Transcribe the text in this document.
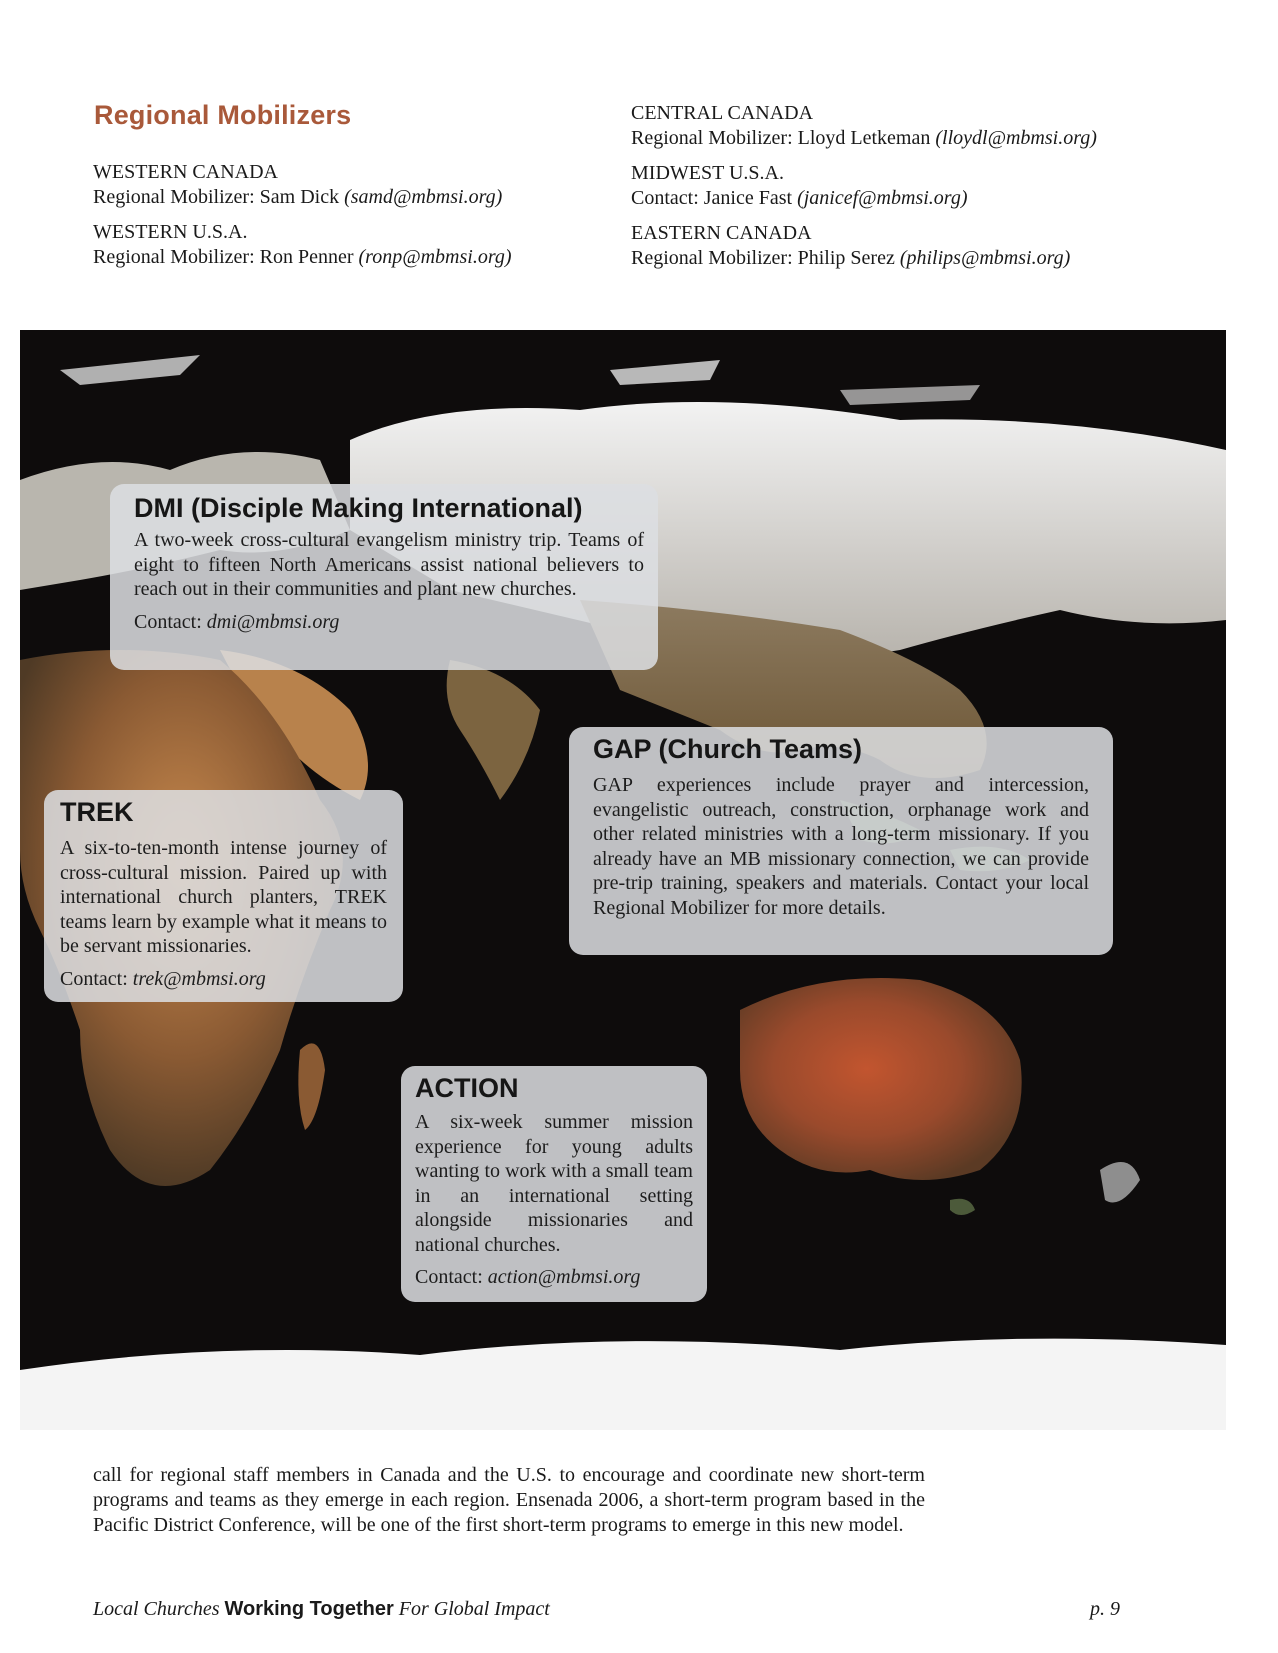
Regional Mobilizers
WESTERN CANADA
Regional Mobilizer: Sam Dick (samd@mbmsi.org)
WESTERN U.S.A.
Regional Mobilizer: Ron Penner (ronp@mbmsi.org)
CENTRAL CANADA
Regional Mobilizer: Lloyd Letkeman (lloydl@mbmsi.org)
MIDWEST U.S.A.
Contact: Janice Fast (janicef@mbmsi.org)
EASTERN CANADA
Regional Mobilizer: Philip Serez (philips@mbmsi.org)
DMI (Disciple Making International)

A two-week cross-cultural evangelism ministry trip. Teams of eight to fifteen North Americans assist national believers to reach out in their communities and plant new churches.

Contact: dmi@mbmsi.org
GAP (Church Teams)

GAP experiences include prayer and intercession, evangelistic outreach, construction, orphanage work and other related ministries with a long-term missionary. If you already have an MB missionary connection, we can provide pre-trip training, speakers and materials. Contact your local Regional Mobilizer for more details.

TREK

A six-to-ten-month intense journey of cross-cultural mission. Paired up with international church planters, TREK teams learn by example what it means to be servant missionaries.

Contact: trek@mbmsi.org
ACTION

A six-week summer mission experience for young adults wanting to work with a small team in an international setting alongside missionaries and national churches.

Contact: action@mbmsi.org
call for regional staff members in Canada and the U.S. to encourage and coordinate new short-term programs and teams as they emerge in each region. Ensenada 2006, a short-term program based in the Pacific District Conference, will be one of the first short-term programs to emerge in this new model.
Local Churches Working Together For Global Impact	p. 9
